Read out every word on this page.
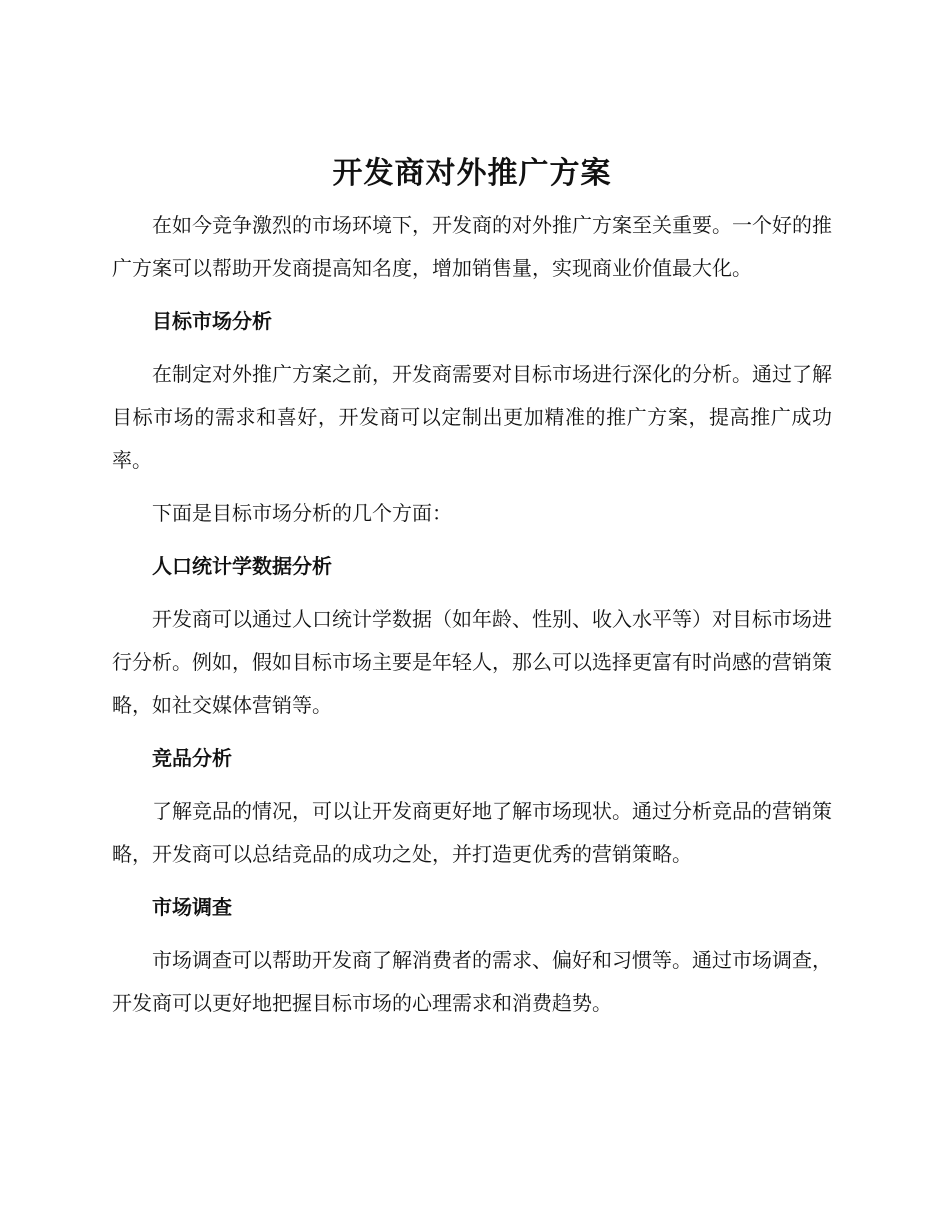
开发商对外推广方案

在如今竞争激烈的市场环境下，开发商的对外推广方案至关重要。一个好的推广方案可以帮助开发商提高知名度，增加销售量，实现商业价值最大化。

目标市场分析

在制定对外推广方案之前，开发商需要对目标市场进行深化的分析。通过了解目标市场的需求和喜好，开发商可以定制出更加精准的推广方案，提高推广成功率。

下面是目标市场分析的几个方面：

人口统计学数据分析

开发商可以通过人口统计学数据（如年龄、性别、收入水平等）对目标市场进行分析。例如，假如目标市场主要是年轻人，那么可以选择更富有时尚感的营销策略，如社交媒体营销等。

竞品分析

了解竞品的情况，可以让开发商更好地了解市场现状。通过分析竞品的营销策略，开发商可以总结竞品的成功之处，并打造更优秀的营销策略。

市场调查

市场调查可以帮助开发商了解消费者的需求、偏好和习惯等。通过市场调查，开发商可以更好地把握目标市场的心理需求和消费趋势。
